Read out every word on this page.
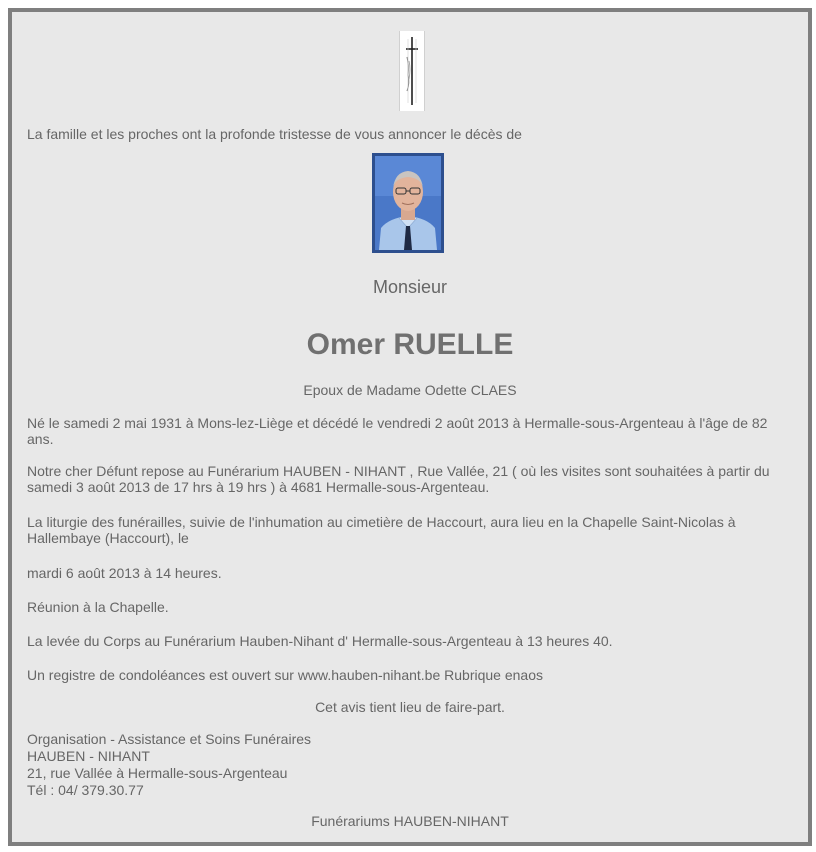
La famille et les proches ont la profonde tristesse de vous annoncer le décès de
Monsieur
Omer RUELLE
Epoux de Madame Odette CLAES
Né le samedi 2 mai 1931 à Mons-lez-Liège et décédé le vendredi 2 août 2013 à Hermalle-sous-Argenteau à l'âge de 82 ans.
Notre cher Défunt repose au Funérarium HAUBEN - NIHANT , Rue Vallée, 21 ( où les visites sont souhaitées à partir du samedi 3 août 2013 de 17 hrs à 19 hrs ) à 4681 Hermalle-sous-Argenteau.
La liturgie des funérailles, suivie de l'inhumation au cimetière de Haccourt, aura lieu en la Chapelle Saint-Nicolas à Hallembaye (Haccourt), le
mardi 6 août 2013 à 14 heures.
Réunion à la Chapelle.
La levée du Corps au Funérarium Hauben-Nihant d' Hermalle-sous-Argenteau à 13 heures 40.
Un registre de condoléances est ouvert sur www.hauben-nihant.be Rubrique enaos
Cet avis tient lieu de faire-part.
Organisation - Assistance et Soins Funéraires
HAUBEN - NIHANT
21, rue Vallée à Hermalle-sous-Argenteau
Tél : 04/ 379.30.77
Funérariums HAUBEN-NIHANT
